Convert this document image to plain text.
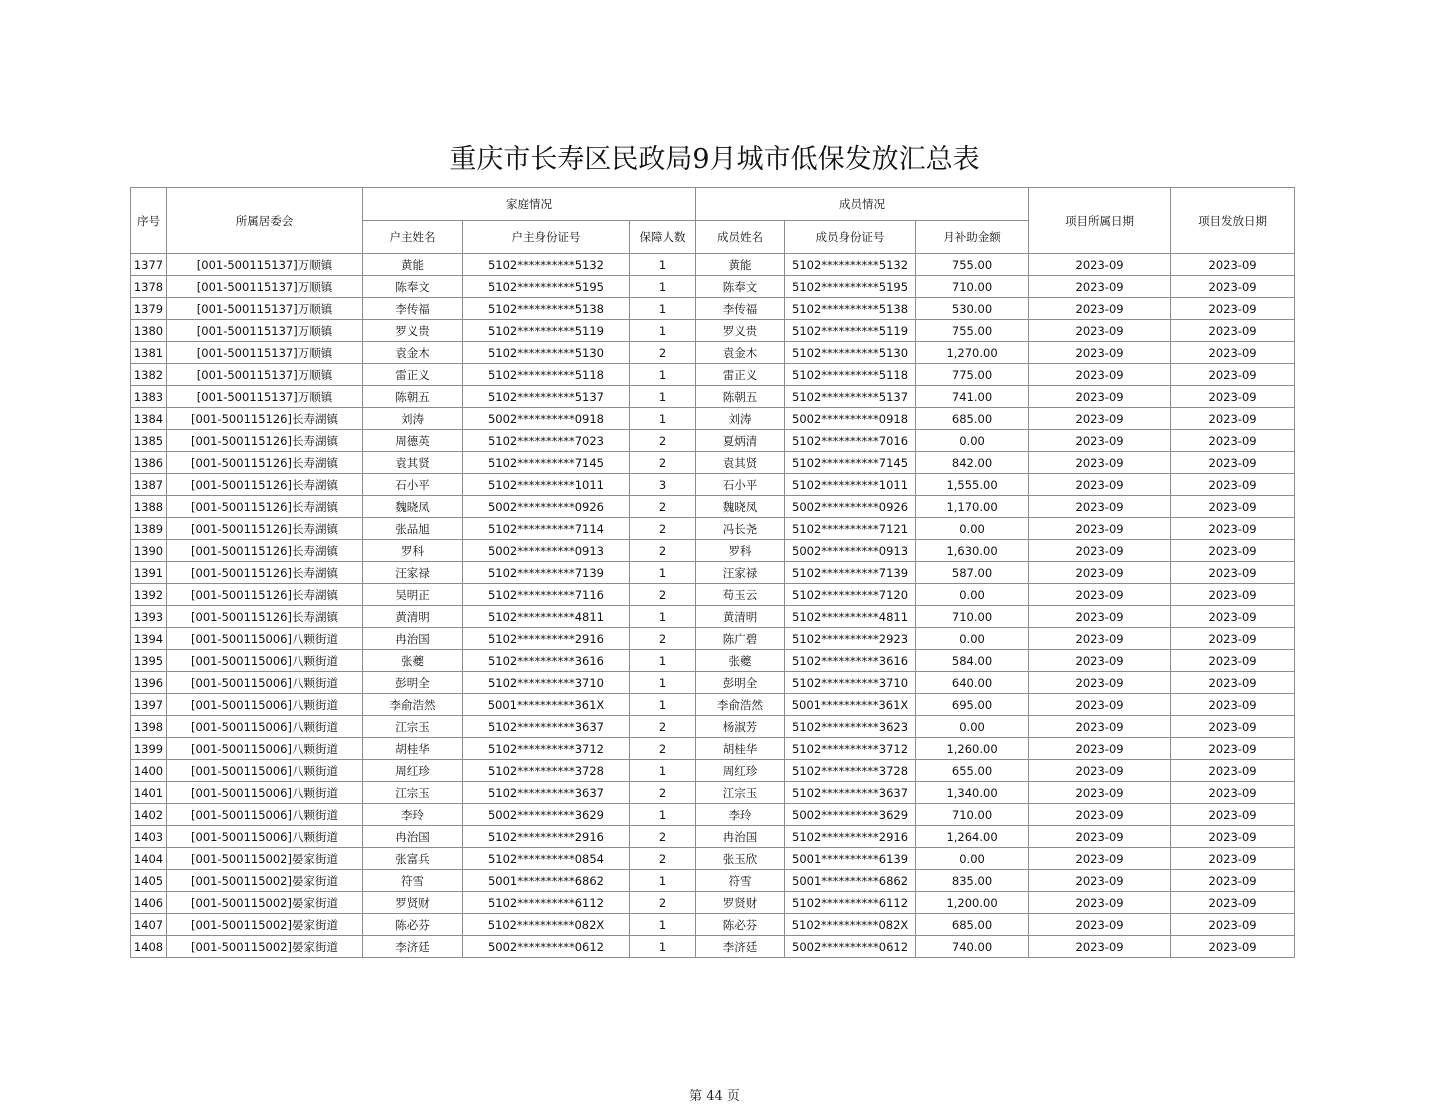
重庆市长寿区民政局9月城市低保发放汇总表
序号	所属居委会	家庭情况			成员情况			项目所属日期	项目发放日期
		户主姓名	户主身份证号	保障人数	成员姓名	成员身份证号	月补助金额		
1377	[001-500115137]万顺镇	黄能	5102**********5132	1	黄能	5102**********5132	755.00	2023-09	2023-09
1378	[001-500115137]万顺镇	陈奉文	5102**********5195	1	陈奉文	5102**********5195	710.00	2023-09	2023-09
1379	[001-500115137]万顺镇	李传福	5102**********5138	1	李传福	5102**********5138	530.00	2023-09	2023-09
1380	[001-500115137]万顺镇	罗义贵	5102**********5119	1	罗义贵	5102**********5119	755.00	2023-09	2023-09
1381	[001-500115137]万顺镇	袁金木	5102**********5130	2	袁金木	5102**********5130	1,270.00	2023-09	2023-09
1382	[001-500115137]万顺镇	雷正义	5102**********5118	1	雷正义	5102**********5118	775.00	2023-09	2023-09
1383	[001-500115137]万顺镇	陈朝五	5102**********5137	1	陈朝五	5102**********5137	741.00	2023-09	2023-09
1384	[001-500115126]长寿湖镇	刘涛	5002**********0918	1	刘涛	5002**********0918	685.00	2023-09	2023-09
1385	[001-500115126]长寿湖镇	周德英	5102**********7023	2	夏炳清	5102**********7016	0.00	2023-09	2023-09
1386	[001-500115126]长寿湖镇	袁其贤	5102**********7145	2	袁其贤	5102**********7145	842.00	2023-09	2023-09
1387	[001-500115126]长寿湖镇	石小平	5102**********1011	3	石小平	5102**********1011	1,555.00	2023-09	2023-09
1388	[001-500115126]长寿湖镇	魏晓凤	5002**********0926	2	魏晓凤	5002**********0926	1,170.00	2023-09	2023-09
1389	[001-500115126]长寿湖镇	张品旭	5102**********7114	2	冯长尧	5102**********7121	0.00	2023-09	2023-09
1390	[001-500115126]长寿湖镇	罗科	5002**********0913	2	罗科	5002**********0913	1,630.00	2023-09	2023-09
1391	[001-500115126]长寿湖镇	汪家禄	5102**********7139	1	汪家禄	5102**********7139	587.00	2023-09	2023-09
1392	[001-500115126]长寿湖镇	吴明正	5102**********7116	2	苟玉云	5102**********7120	0.00	2023-09	2023-09
1393	[001-500115126]长寿湖镇	黄清明	5102**********4811	1	黄清明	5102**********4811	710.00	2023-09	2023-09
1394	[001-500115006]八颗街道	冉治国	5102**********2916	2	陈广碧	5102**********2923	0.00	2023-09	2023-09
1395	[001-500115006]八颗街道	张夔	5102**********3616	1	张夔	5102**********3616	584.00	2023-09	2023-09
1396	[001-500115006]八颗街道	彭明全	5102**********3710	1	彭明全	5102**********3710	640.00	2023-09	2023-09
1397	[001-500115006]八颗街道	李俞浩然	5001**********361X	1	李俞浩然	5001**********361X	695.00	2023-09	2023-09
1398	[001-500115006]八颗街道	江宗玉	5102**********3637	2	杨淑芳	5102**********3623	0.00	2023-09	2023-09
1399	[001-500115006]八颗街道	胡桂华	5102**********3712	2	胡桂华	5102**********3712	1,260.00	2023-09	2023-09
1400	[001-500115006]八颗街道	周红珍	5102**********3728	1	周红珍	5102**********3728	655.00	2023-09	2023-09
1401	[001-500115006]八颗街道	江宗玉	5102**********3637	2	江宗玉	5102**********3637	1,340.00	2023-09	2023-09
1402	[001-500115006]八颗街道	李玲	5002**********3629	1	李玲	5002**********3629	710.00	2023-09	2023-09
1403	[001-500115006]八颗街道	冉治国	5102**********2916	2	冉治国	5102**********2916	1,264.00	2023-09	2023-09
1404	[001-500115002]晏家街道	张富兵	5102**********0854	2	张玉欣	5001**********6139	0.00	2023-09	2023-09
1405	[001-500115002]晏家街道	符雪	5001**********6862	1	符雪	5001**********6862	835.00	2023-09	2023-09
1406	[001-500115002]晏家街道	罗贤财	5102**********6112	2	罗贤财	5102**********6112	1,200.00	2023-09	2023-09
1407	[001-500115002]晏家街道	陈必芬	5102**********082X	1	陈必芬	5102**********082X	685.00	2023-09	2023-09
1408	[001-500115002]晏家街道	李济廷	5002**********0612	1	李济廷	5002**********0612	740.00	2023-09	2023-09
第 44 页
